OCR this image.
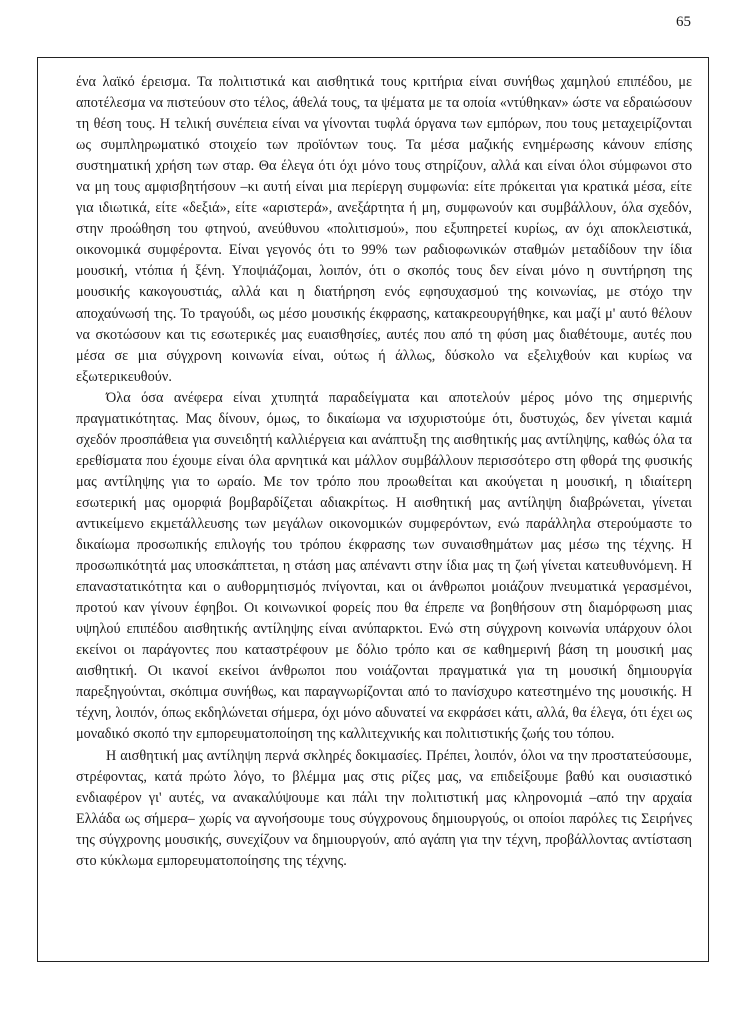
65

ένα λαϊκό έρεισμα. Τα πολιτιστικά και αισθητικά τους κριτήρια είναι συνήθως χαμηλού επιπέδου, με αποτέλεσμα να πιστεύουν στο τέλος, άθελά τους, τα ψέματα με τα οποία «ντύθηκαν» ώστε να εδραιώσουν τη θέση τους. Η τελική συνέπεια είναι να γίνονται τυφλά όργανα των εμπόρων, που τους μεταχειρίζονται ως συμπληρωματικό στοιχείο των προϊόντων τους. Τα μέσα μαζικής ενημέρωσης κάνουν επίσης συστηματική χρήση των σταρ. Θα έλεγα ότι όχι μόνο τους στηρίζουν, αλλά και είναι όλοι σύμφωνοι στο να μη τους αμφισβητήσουν –κι αυτή είναι μια περίεργη συμφωνία: είτε πρόκειται για κρατικά μέσα, είτε για ιδιωτικά, είτε «δεξιά», είτε «αριστερά», ανεξάρτητα ή μη, συμφωνούν και συμβάλλουν, όλα σχεδόν, στην προώθηση του φτηνού, ανεύθυνου «πολιτισμού», που εξυπηρετεί κυρίως, αν όχι αποκλειστικά, οικονομικά συμφέροντα. Είναι γεγονός ότι το 99% των ραδιοφωνικών σταθμών μεταδίδουν την ίδια μουσική, ντόπια ή ξένη. Υποψιάζομαι, λοιπόν, ότι ο σκοπός τους δεν είναι μόνο η συντήρηση της μουσικής κακογουστιάς, αλλά και η διατήρηση ενός εφησυχασμού της κοινωνίας, με στόχο την αποχαύνωσή της. Το τραγούδι, ως μέσο μουσικής έκφρασης, κατακρεουργήθηκε, και μαζί μ' αυτό θέλουν να σκοτώσουν και τις εσωτερικές μας ευαισθησίες, αυτές που από τη φύση μας διαθέτουμε, αυτές που μέσα σε μια σύγχρονη κοινωνία είναι, ούτως ή άλλως, δύσκολο να εξελιχθούν και κυρίως να εξωτερικευθούν.

Όλα όσα ανέφερα είναι χτυπητά παραδείγματα και αποτελούν μέρος μόνο της σημερινής πραγματικότητας. Μας δίνουν, όμως, το δικαίωμα να ισχυριστούμε ότι, δυστυχώς, δεν γίνεται καμιά σχεδόν προσπάθεια για συνειδητή καλλιέργεια και ανάπτυξη της αισθητικής μας αντίληψης, καθώς όλα τα ερεθίσματα που έχουμε είναι όλα αρνητικά και μάλλον συμβάλλουν περισσότερο στη φθορά της φυσικής μας αντίληψης για το ωραίο. Με τον τρόπο που προωθείται και ακούγεται η μουσική, η ιδιαίτερη εσωτερική μας ομορφιά βομβαρδίζεται αδιακρίτως. Η αισθητική μας αντίληψη διαβρώνεται, γίνεται αντικείμενο εκμετάλλευσης των μεγάλων οικονομικών συμφερόντων, ενώ παράλληλα στερούμαστε το δικαίωμα προσωπικής επιλογής του τρόπου έκφρασης των συναισθημάτων μας μέσω της τέχνης. Η προσωπικότητά μας υποσκάπτεται, η στάση μας απέναντι στην ίδια μας τη ζωή γίνεται κατευθυνόμενη. Η επαναστατικότητα και ο αυθορμητισμός πνίγονται, και οι άνθρωποι μοιάζουν πνευματικά γερασμένοι, προτού καν γίνουν έφηβοι. Οι κοινωνικοί φορείς που θα έπρεπε να βοηθήσουν στη διαμόρφωση μιας υψηλού επιπέδου αισθητικής αντίληψης είναι ανύπαρκτοι. Ενώ στη σύγχρονη κοινωνία υπάρχουν όλοι εκείνοι οι παράγοντες που καταστρέφουν με δόλιο τρόπο και σε καθημερινή βάση τη μουσική μας αισθητική. Οι ικανοί εκείνοι άνθρωποι που νοιάζονται πραγματικά για τη μουσική δημιουργία παρεξηγούνται, σκόπιμα συνήθως, και παραγνωρίζονται από το πανίσχυρο κατεστημένο της μουσικής. Η τέχνη, λοιπόν, όπως εκδηλώνεται σήμερα, όχι μόνο αδυνατεί να εκφράσει κάτι, αλλά, θα έλεγα, ότι έχει ως μοναδικό σκοπό την εμπορευματοποίηση της καλλιτεχνικής και πολιτιστικής ζωής του τόπου.

Η αισθητική μας αντίληψη περνά σκληρές δοκιμασίες. Πρέπει, λοιπόν, όλοι να την προστατεύσουμε, στρέφοντας, κατά πρώτο λόγο, το βλέμμα μας στις ρίζες μας, να επιδείξουμε βαθύ και ουσιαστικό ενδιαφέρον γι' αυτές, να ανακαλύψουμε και πάλι την πολιτιστική μας κληρονομιά –από την αρχαία Ελλάδα ως σήμερα– χωρίς να αγνοήσουμε τους σύγχρονους δημιουργούς, οι οποίοι παρόλες τις Σειρήνες της σύγχρονης μουσικής, συνεχίζουν να δημιουργούν, από αγάπη για την τέχνη, προβάλλοντας αντίσταση στο κύκλωμα εμπορευματοποίησης της τέχνης.
